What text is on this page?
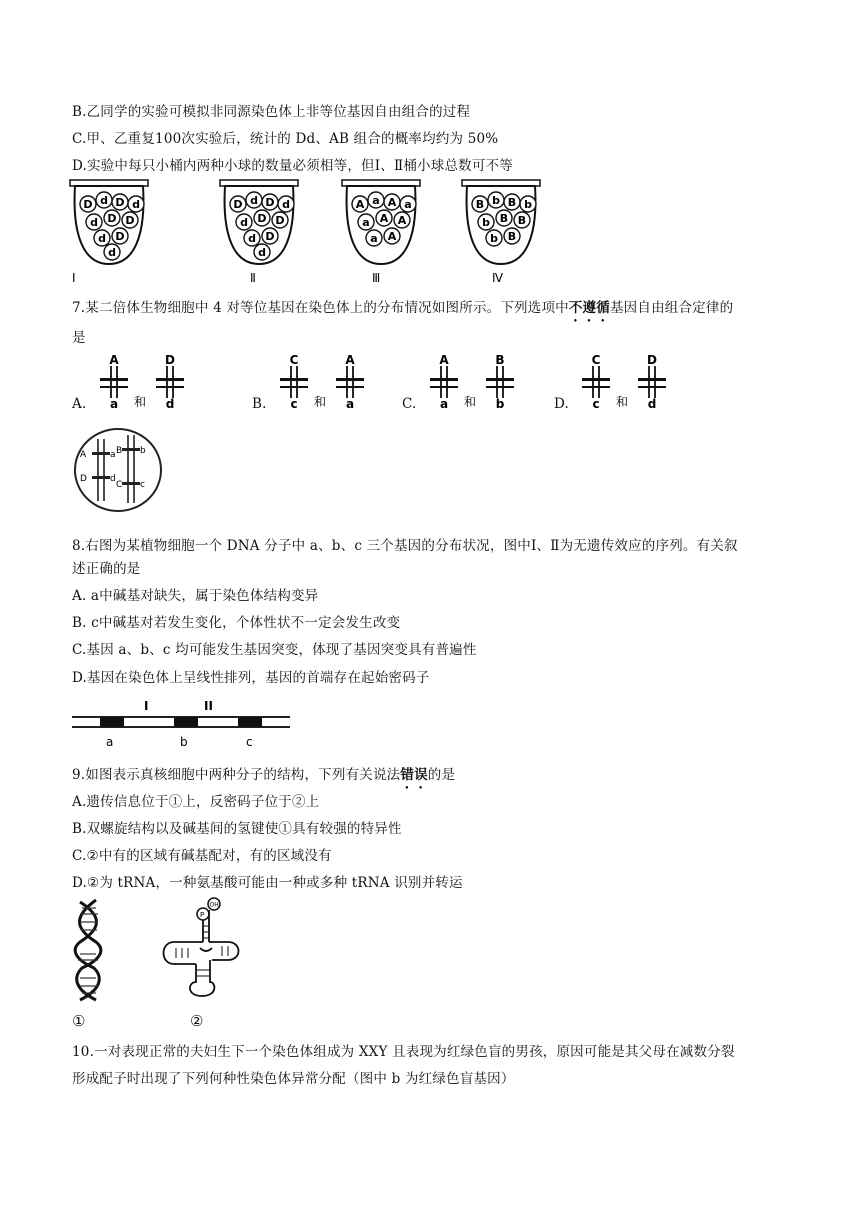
B.乙同学的实验可模拟非同源染色体上非等位基因自由组合的过程
C.甲、乙重复100次实验后，统计的 Dd、AB 组合的概率均约为 50%
D.实验中每只小桶内两种小球的数量必须相等，但Ⅰ、Ⅱ桶小球总数可不等
D d D d
d D D
d D
d
Ⅰ
D d D d
d D D
d D
d
Ⅱ
A a A a
a A A
a A
Ⅲ
B b B b
b B B
b B
Ⅳ
7.某二倍体生物细胞中 4 对等位基因在染色体上的分布情况如图所示。下列选项中不遵循基因自由组合定律的
是
A.
A
a
D
d
和	B.
C
c
A
a
和	C.
A
a
B
b
和	D.
C
c
D
d
和
A	a
D	d
B b
C c
8.右图为某植物细胞一个 DNA 分子中 a、b、c 三个基因的分布状况，图中Ⅰ、Ⅱ为无遗传效应的序列。有关叙
述正确的是
A. a中碱基对缺失，属于染色体结构变异
B. c中碱基对若发生变化，个体性状不一定会发生改变
C.基因 a、b、c 均可能发生基因突变，体现了基因突变具有普遍性
D.基因在染色体上呈线性排列，基因的首端存在起始密码子
I	II
a	b	c
9.如图表示真核细胞中两种分子的结构，下列有关说法错误的是
A.遗传信息位于①上，反密码子位于②上
B.双螺旋结构以及碱基间的氢键使①具有较强的特异性
C.②中有的区域有碱基配对，有的区域没有
D.②为 tRNA，一种氨基酸可能由一种或多种 tRNA 识别并转运
P
OH
①	②
10.一对表现正常的夫妇生下一个染色体组成为 XXY 且表现为红绿色盲的男孩，原因可能是其父母在减数分裂
形成配子时出现了下列何种性染色体异常分配（图中 b 为红绿色盲基因）
